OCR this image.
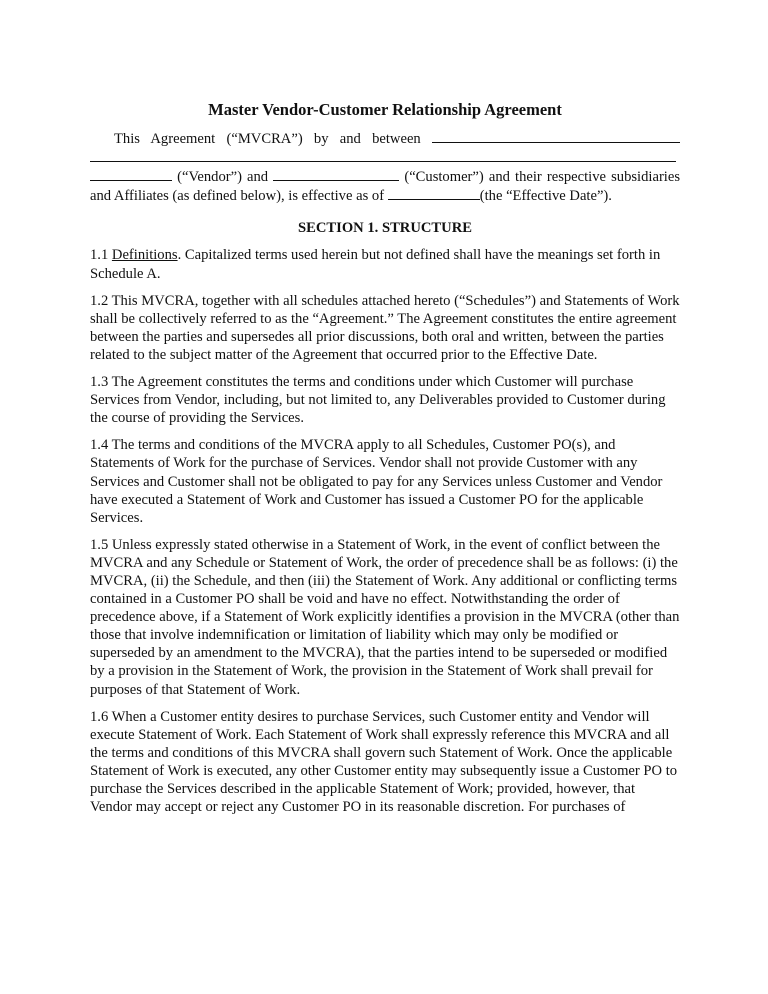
Master Vendor-Customer Relationship Agreement
This Agreement (“MVCRA”) by and between    (“Vendor”) and	(“Customer”) and their respective subsidiaries and Affiliates (as defined below), is effective as of	(the “Effective Date”).
SECTION 1. STRUCTURE
1.1 Definitions. Capitalized terms used herein but not defined shall have the meanings set forth in Schedule A.
1.2 This MVCRA, together with all schedules attached hereto (“Schedules”) and Statements of Work shall be collectively referred to as the “Agreement.” The Agreement constitutes the entire agreement between the parties and supersedes all prior discussions, both oral and written, between the parties related to the subject matter of the Agreement that occurred prior to the Effective Date.
1.3 The Agreement constitutes the terms and conditions under which Customer will purchase Services from Vendor, including, but not limited to, any Deliverables provided to Customer during the course of providing the Services.
1.4 The terms and conditions of the MVCRA apply to all Schedules, Customer PO(s), and Statements of Work for the purchase of Services. Vendor shall not provide Customer with any Services and Customer shall not be obligated to pay for any Services unless Customer and Vendor have executed a Statement of Work and Customer has issued a Customer PO for the applicable Services.
1.5 Unless expressly stated otherwise in a Statement of Work, in the event of conflict between the MVCRA and any Schedule or Statement of Work, the order of precedence shall be as follows: (i) the MVCRA, (ii) the Schedule, and then (iii) the Statement of Work. Any additional or conflicting terms contained in a Customer PO shall be void and have no effect. Notwithstanding the order of precedence above, if a Statement of Work explicitly identifies a provision in the MVCRA (other than those that involve indemnification or limitation of liability which may only be modified or superseded by an amendment to the MVCRA), that the parties intend to be superseded or modified by a provision in the Statement of Work, the provision in the Statement of Work shall prevail for purposes of that Statement of Work.
1.6 When a Customer entity desires to purchase Services, such Customer entity and Vendor will execute Statement of Work. Each Statement of Work shall expressly reference this MVCRA and all the terms and conditions of this MVCRA shall govern such Statement of Work. Once the applicable Statement of Work is executed, any other Customer entity may subsequently issue a Customer PO to purchase the Services described in the applicable Statement of Work; provided, however, that Vendor may accept or reject any Customer PO in its reasonable discretion. For purchases of
